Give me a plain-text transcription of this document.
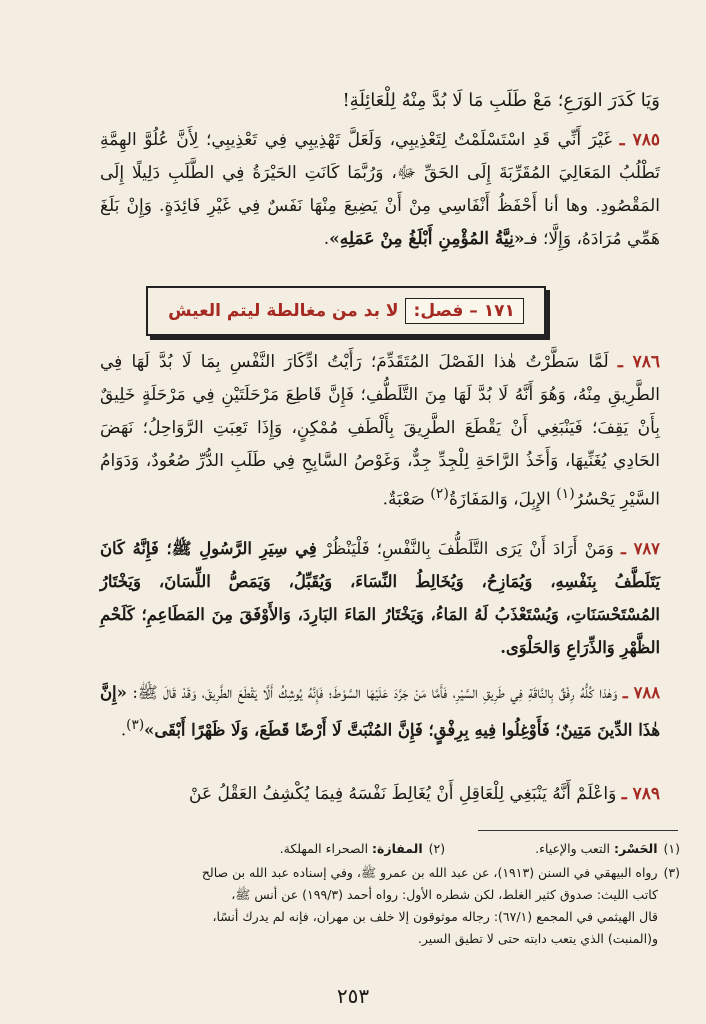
وَيَا كَدَرَ الوَرَعِ؛ مَعْ طَلَبِ مَا لَا بُدَّ مِنْهُ لِلْعَائِلَةِ!
٧٨٥ ـ غَيْرَ أَنِّي قَدِ اسْتَسْلَمْتُ لِتَعْذِيبِي، وَلَعَلَّ تَهْذِيبِي فِي تَعْذِيبِي؛ لِأَنَّ عُلُوَّ الهِمَّةِ تَطْلُبُ المَعَالِيَ المُقَرِّبَةَ إِلَى الحَقِّ ﷻ، وَرُبَّمَا كَانَتِ الحَيْرَةُ فِي الطَّلَبِ دَلِيلًا إِلَى المَقْصُودِ. وها أنا أَحْفَظُ أَنْفَاسِي مِنْ أَنْ يَضِيعَ مِنْهَا نَفَسٌ فِي غَيْرِ فَائِدَةٍ. وَإِنْ بَلَغَ هَمِّي مُرَادَهُ، وَإِلَّا؛ فـ«نِيَّةُ المُؤْمِنِ أَبْلَغُ مِنْ عَمَلِهِ».
١٧١ – فصل:
لا بد من مغالطة ليتم العيش
٧٨٦ ـ لَمَّا سَطَّرْتُ هٰذا الفَصْلَ المُتَقَدِّمَ؛ رَأَيْتُ ادِّكَارَ النَّفْسِ بِمَا لَا بُدَّ لَهَا فِي الطَّرِيقِ مِنْهُ، وَهُوَ أَنَّهُ لَا بُدَّ لَهَا مِنَ التَّلَطُّفِ؛ فَإِنَّ قَاطِعَ مَرْحَلَتَيْنِ فِي مَرْحَلَةٍ خَلِيقٌ بِأَنْ يَقِفَ؛ فَيَنْبَغِي أَنْ يَقْطَعَ الطَّرِيقَ بِأَلْطَفِ مُمْكِنٍ، وَإِذَا تَعِبَتِ الرَّوَاحِلُ؛ نَهَضَ الحَادِي يُغَنِّيهَا، وَأَخَذُ الرَّاحَةِ لِلْجِدِّ جِدٌّ، وَغَوْصُ السَّابِحِ فِي طَلَبِ الدُّرِّ صُعُودٌ، وَدَوَامُ السَّيْرِ يَحْسُرُ$^{(١)}$ الإِبِلَ، وَالمَفَازَةُ$^{(٢)}$ صَعْبَةٌ.
٧٨٧ ـ وَمَنْ أَرَادَ أَنْ يَرَى التَّلَطُّفَ بِالنَّفْسِ؛ فَلْيَنْظُرْ فِي سِيَرِ الرَّسُولِ ﷺ؛ فَإِنَّهُ كَانَ يَتَلَطَّفُ بِنَفْسِهِ، وَيُمَازِحُ، وَيُخَالِطُ النِّسَاءَ، وَيُقَبِّلُ، وَيَمَصُّ اللِّسَانَ، وَيَخْتَارُ المُسْتَحْسَنَاتِ، وَيُسْتَعْذَبُ لَهُ المَاءُ، وَيَخْتَارُ المَاءَ البَارِدَ، وَالأَوْفَقَ مِنَ المَطَاعِمِ؛ كَلَحْمِ الظَّهْرِ وَالذِّرَاعِ وَالحَلْوَى.
٧٨٨ ـ وَهٰذا كُلُّهُ رِفْقٌ بِالنَّاقَةِ فِي طَرِيقِ السَّيْرِ، فَأَمَّا مَنْ جَرَّدَ عَلَيْهَا السَّوْطَ؛ فَإِنَّهُ يُوشِكُ أَلَّا يَقْطَعَ الطَّرِيقَ، وَقَدْ قَالَ ﷺ: «إِنَّ هٰذَا الدِّينَ مَتِينٌ؛ فَأَوْغِلُوا فِيهِ بِرِفْقٍ؛ فَإِنَّ المُنْبَتَّ لَا أَرْضًا قَطَعَ، وَلَا ظَهْرًا أَبْقَى»$^{(٣)}$.
٧٨٩ ـ وَاعْلَمْ أَنَّهُ يَنْبَغِي لِلْعَاقِلِ أَنْ يُغَالِطَ نَفْسَهُ فِيمَا يُكْشِفُ العَقْلُ عَنْ
(١)الحَسْر: التعب والإعياء.(٢)المفازة: الصحراء المهلكة.
(٣)رواه البيهقي في السنن (١٩١٣)، عن عبد الله بن عمرو ﷺ، وفي إسناده عبد الله بن صالح
كاتب الليث: صدوق كثير الغلط، لكن شطره الأول: رواه أحمد (١٩٩/٣) عن أنس ﷺ،
قال الهيثمي في المجمع (٦٧/١): رجاله موثوقون إلا خلف بن مهران، فإنه لم يدرك أنسًا،
و(المنبت) الذي يتعب دابته حتى لا تطيق السير.
٢٥٣
